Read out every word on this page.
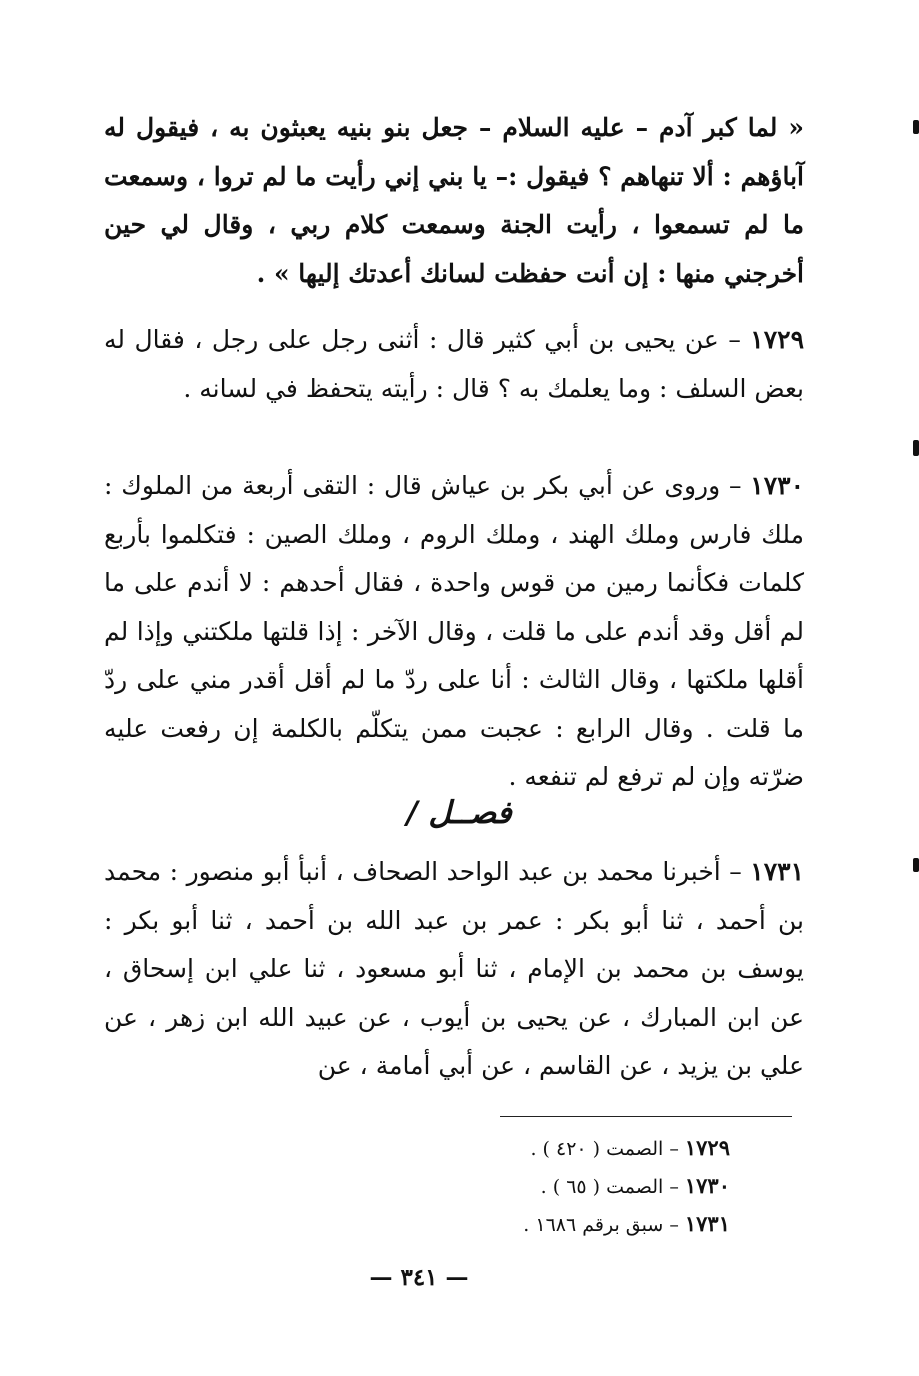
« لما كبر آدم – عليه السلام – جعل بنو بنيه يعبثون به ، فيقول له آباؤهم : ألا تنهاهم ؟ فيقول :– يا بني إني رأيت ما لم تروا ، وسمعت ما لم تسمعوا ، رأيت الجنة وسمعت كلام ربي ، وقال لي حين أخرجني منها : إن أنت حفظت لسانك أعدتك إليها » .

١٧٢٩ – عن يحيى بن أبي كثير قال : أثنى رجل على رجل ، فقال له بعض السلف : وما يعلمك به ؟ قال : رأيته يتحفظ في لسانه .

١٧٣٠ – وروى عن أبي بكر بن عياش قال : التقى أربعة من الملوك : ملك فارس وملك الهند ، وملك الروم ، وملك الصين : فتكلموا بأربع كلمات فكأنما رمين من قوس واحدة ، فقال أحدهم : لا أندم على ما لم أقل وقد أندم على ما قلت ، وقال الآخر : إذا قلتها ملكتني وإذا لم أقلها ملكتها ، وقال الثالث : أنا على ردّ ما لم أقل أقدر مني على ردّ ما قلت . وقال الرابع : عجبت ممن يتكلّم بالكلمة إن رفعت عليه ضرّته وإن لم ترفع لم تنفعه .

فصــل /

١٧٣١ – أخبرنا محمد بن عبد الواحد الصحاف ، أنبأ أبو منصور : محمد بن أحمد ، ثنا أبو بكر : عمر بن عبد الله بن أحمد ، ثنا أبو بكر : يوسف بن محمد بن الإمام ، ثنا أبو مسعود ، ثنا علي ابن إسحاق ، عن ابن المبارك ، عن يحيى بن أيوب ، عن عبيد الله ابن زهر ، عن علي بن يزيد ، عن القاسم ، عن أبي أمامة ، عن

١٧٢٩ – الصمت ( ٤٢٠ ) .
١٧٣٠ – الصمت ( ٦٥ ) .
١٧٣١ – سبق برقم ١٦٨٦ .
— ٣٤١ —
